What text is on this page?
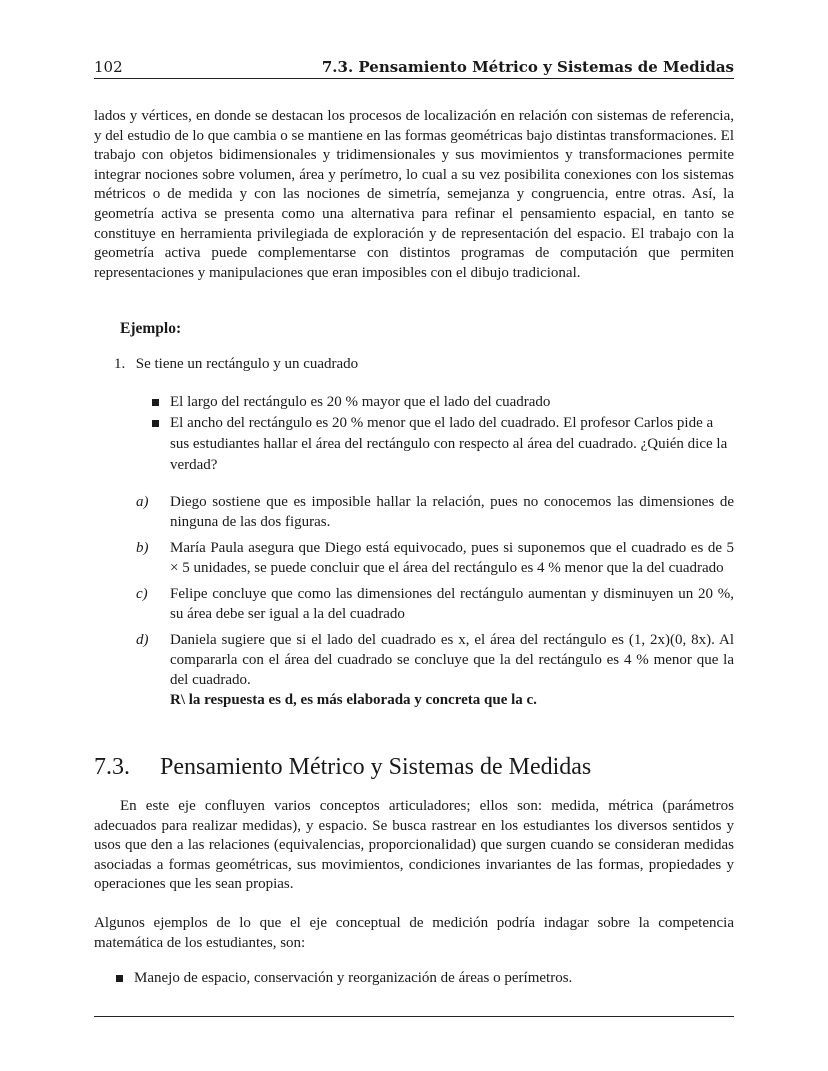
102	7.3. Pensamiento Métrico y Sistemas de Medidas

lados y vértices, en donde se destacan los procesos de localización en relación con sistemas de referencia, y del estudio de lo que cambia o se mantiene en las formas geométricas bajo distintas transformaciones. El trabajo con objetos bidimensionales y tridimensionales y sus movimientos y transformaciones permite integrar nociones sobre volumen, área y perímetro, lo cual a su vez posibilita conexiones con los sistemas métricos o de medida y con las nociones de simetría, semejanza y congruencia, entre otras. Así, la geometría activa se presenta como una alternativa para refinar el pensamiento espacial, en tanto se constituye en herramienta privilegiada de exploración y de representación del espacio. El trabajo con la geometría activa puede complementarse con distintos programas de computación que permiten representaciones y manipulaciones que eran imposibles con el dibujo tradicional.

Ejemplo:
1. Se tiene un rectángulo y un cuadrado
El largo del rectángulo es 20 % mayor que el lado del cuadrado
El ancho del rectángulo es 20 % menor que el lado del cuadrado. El profesor Carlos pide a sus estudiantes hallar el área del rectángulo con respecto al área del cuadrado. ¿Quién dice la verdad?
a) Diego sostiene que es imposible hallar la relación, pues no conocemos las dimensiones de ninguna de las dos figuras.
b) María Paula asegura que Diego está equivocado, pues si suponemos que el cuadrado es de 5 × 5 unidades, se puede concluir que el área del rectángulo es 4 % menor que la del cuadrado
c) Felipe concluye que como las dimensiones del rectángulo aumentan y disminuyen un 20 %, su área debe ser igual a la del cuadrado
d) Daniela sugiere que si el lado del cuadrado es x, el área del rectángulo es (1, 2x)(0, 8x). Al compararla con el área del cuadrado se concluye que la del rectángulo es 4 % menor que la del cuadrado.
R\ la respuesta es d, es más elaborada y concreta que la c.
7.3. Pensamiento Métrico y Sistemas de Medidas

En este eje confluyen varios conceptos articuladores; ellos son: medida, métrica (parámetros adecuados para realizar medidas), y espacio. Se busca rastrear en los estudiantes los diversos sentidos y usos que den a las relaciones (equivalencias, proporcionalidad) que surgen cuando se consideran medidas asociadas a formas geométricas, sus movimientos, condiciones invariantes de las formas, propiedades y operaciones que les sean propias.

Algunos ejemplos de lo que el eje conceptual de medición podría indagar sobre la competencia matemática de los estudiantes, son:

Manejo de espacio, conservación y reorganización de áreas o perímetros.
